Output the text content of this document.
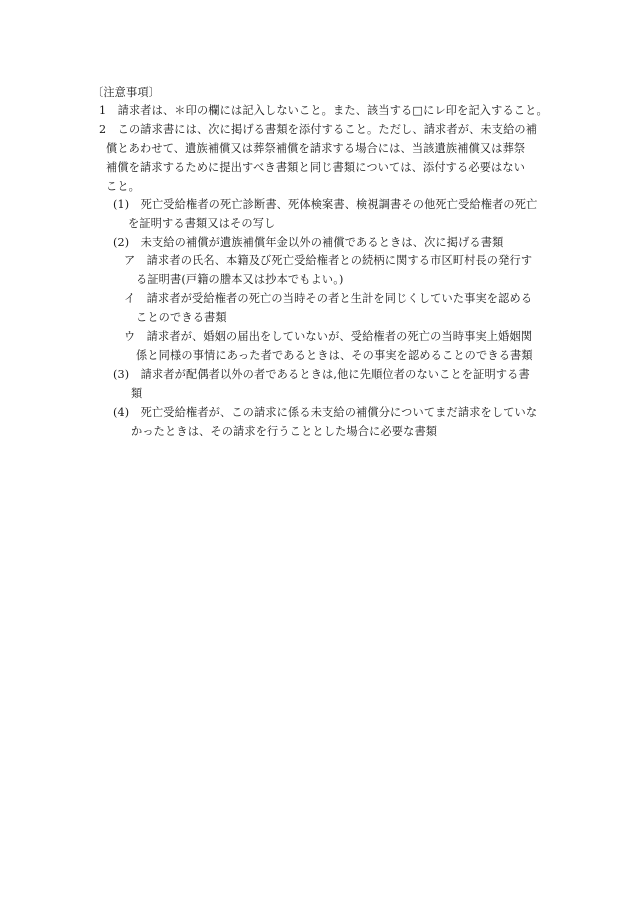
〔注意事項〕
1　請求者は、＊印の欄には記入しないこと。また、該当する□にレ印を記入すること。
2　この請求書には、次に掲げる書類を添付すること。ただし、請求者が、未支給の補
償とあわせて、遺族補償又は葬祭補償を請求する場合には、当該遺族補償又は葬祭
補償を請求するために提出すべき書類と同じ書類については、添付する必要はない
こと。
(1)　死亡受給権者の死亡診断書、死体検案書、検視調書その他死亡受給権者の死亡
を証明する書類又はその写し
(2)　未支給の補償が遺族補償年金以外の補償であるときは、次に掲げる書類
ア　請求者の氏名、本籍及び死亡受給権者との続柄に関する市区町村長の発行す
る証明書(戸籍の謄本又は抄本でもよい。)
イ　請求者が受給権者の死亡の当時その者と生計を同じくしていた事実を認める
ことのできる書類
ウ　請求者が、婚姻の届出をしていないが、受給権者の死亡の当時事実上婚姻関
係と同様の事情にあった者であるときは、その事実を認めることのできる書類
(3)　請求者が配偶者以外の者であるときは,他に先順位者のないことを証明する書
類
(4)　死亡受給権者が、この請求に係る未支給の補償分についてまだ請求をしていな
かったときは、その請求を行うこととした場合に必要な書類
